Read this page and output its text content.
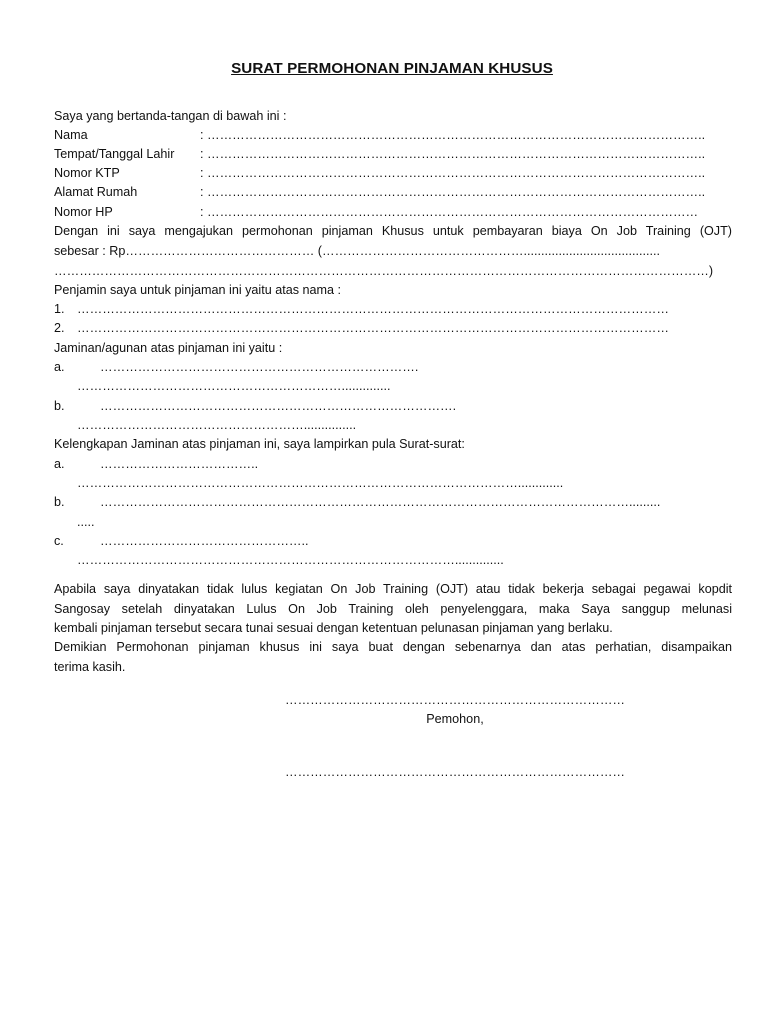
SURAT PERMOHONAN PINJAMAN KHUSUS
Saya yang bertanda-tangan di bawah ini :
Nama	: ………………………………………………………………………………………………………..
Tempat/Tanggal Lahir : ………………………………………………………………………………………………………..
Nomor KTP	: ………………………………………………………………………………………………………..
Alamat Rumah	: ………………………………………………………………………………………………………..
Nomor HP	: ………………………………………………………………………………………………………
Dengan ini saya mengajukan permohonan pinjaman Khusus untuk pembayaran biaya On Job Training (OJT)
sebesar : Rp……………………………………… (………………………………………….......................................
…………………………………………………………………………………………………………………………………………)
Penjamin saya untuk pinjaman ini yaitu atas nama :
1. ……………………………………………………………………………………………………………………………
2. ……………………………………………………………………………………………………………………………
Jaminan/agunan atas pinjaman ini yaitu :
a.	………………………………………………………………….
………………………………………………………..............
b.	………………………………………………………………………….
………………………………………………...............
Kelengkapan Jaminan atas pinjaman ini, saya lampirkan pula Surat-surat:
a.	………………………………..
…………………………………………………………………………………………….............
b.	……………………………………………………………………………………………………………….........
.....
c.	…………………………………………..
………………………………………………………………………………..............
Apabila saya dinyatakan tidak lulus kegiatan On Job Training (OJT) atau tidak bekerja sebagai pegawai kopdit
Sangosay setelah dinyatakan Lulus On Job Training oleh penyelenggara, maka Saya sanggup melunasi
kembali pinjaman tersebut secara tunai sesuai dengan ketentuan pelunasan pinjaman yang berlaku.
Demikian Permohonan pinjaman khusus ini saya buat dengan sebenarnya dan atas perhatian, disampaikan
terima kasih.
………………………………………………………………………
Pemohon,
………………………………………………………………………
